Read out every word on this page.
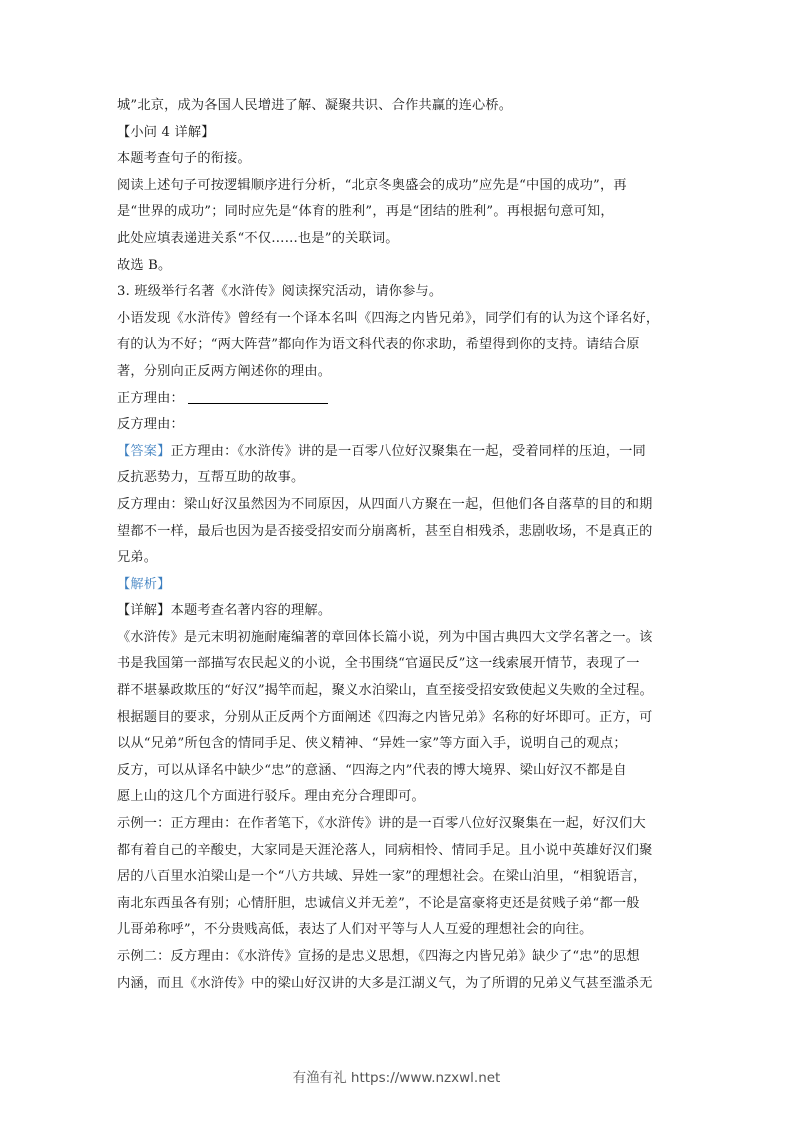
城”北京，成为各国人民增进了解、凝聚共识、合作共赢的连心桥。
【小问 4 详解】
本题考查句子的衔接。
阅读上述句子可按逻辑顺序进行分析，“北京冬奥盛会的成功”应先是“中国的成功”，再
是“世界的成功”；同时应先是“体育的胜利”，再是“团结的胜利”。再根据句意可知，
此处应填表递进关系“不仅……也是”的关联词。
故选 B。
3. 班级举行名著《水浒传》阅读探究活动，请你参与。
小语发现《水浒传》曾经有一个译本名叫《四海之内皆兄弟》，同学们有的认为这个译名好，
有的认为不好；“两大阵营”都向作为语文科代表的你求助，希望得到你的支持。请结合原
著，分别向正反两方阐述你的理由。
正方理由：
反方理由：
【答案】正方理由：《水浒传》讲的是一百零八位好汉聚集在一起，受着同样的压迫，一同
反抗恶势力，互帮互助的故事。
反方理由：梁山好汉虽然因为不同原因，从四面八方聚在一起，但他们各自落草的目的和期
望都不一样，最后也因为是否接受招安而分崩离析，甚至自相残杀，悲剧收场，不是真正的
兄弟。
【解析】
【详解】本题考查名著内容的理解。
《水浒传》是元末明初施耐庵编著的章回体长篇小说，列为中国古典四大文学名著之一。该
书是我国第一部描写农民起义的小说，全书围绕“官逼民反”这一线索展开情节，表现了一
群不堪暴政欺压的“好汉”揭竿而起，聚义水泊梁山，直至接受招安致使起义失败的全过程。
根据题目的要求，分别从正反两个方面阐述《四海之内皆兄弟》名称的好坏即可。正方，可
以从“兄弟”所包含的情同手足、侠义精神、“异姓一家”等方面入手，说明自己的观点；
反方，可以从译名中缺少“忠”的意涵、“四海之内”代表的博大境界、梁山好汉不都是自
愿上山的这几个方面进行驳斥。理由充分合理即可。
示例一：正方理由：在作者笔下，《水浒传》讲的是一百零八位好汉聚集在一起，好汉们大
都有着自己的辛酸史，大家同是天涯沦落人，同病相怜、情同手足。且小说中英雄好汉们聚
居的八百里水泊梁山是一个“八方共域、异姓一家”的理想社会。在梁山泊里，“相貌语言，
南北东西虽各有别；心情肝胆，忠诚信义并无差”，不论是富豪将吏还是贫贱子弟“都一般
儿哥弟称呼”，不分贵贱高低，表达了人们对平等与人人互爱的理想社会的向往。
示例二：反方理由：《水浒传》宣扬的是忠义思想，《四海之内皆兄弟》缺少了“忠”的思想
内涵，而且《水浒传》中的梁山好汉讲的大多是江湖义气，为了所谓的兄弟义气甚至滥杀无
有渔有礼 https://www.nzxwl.net
